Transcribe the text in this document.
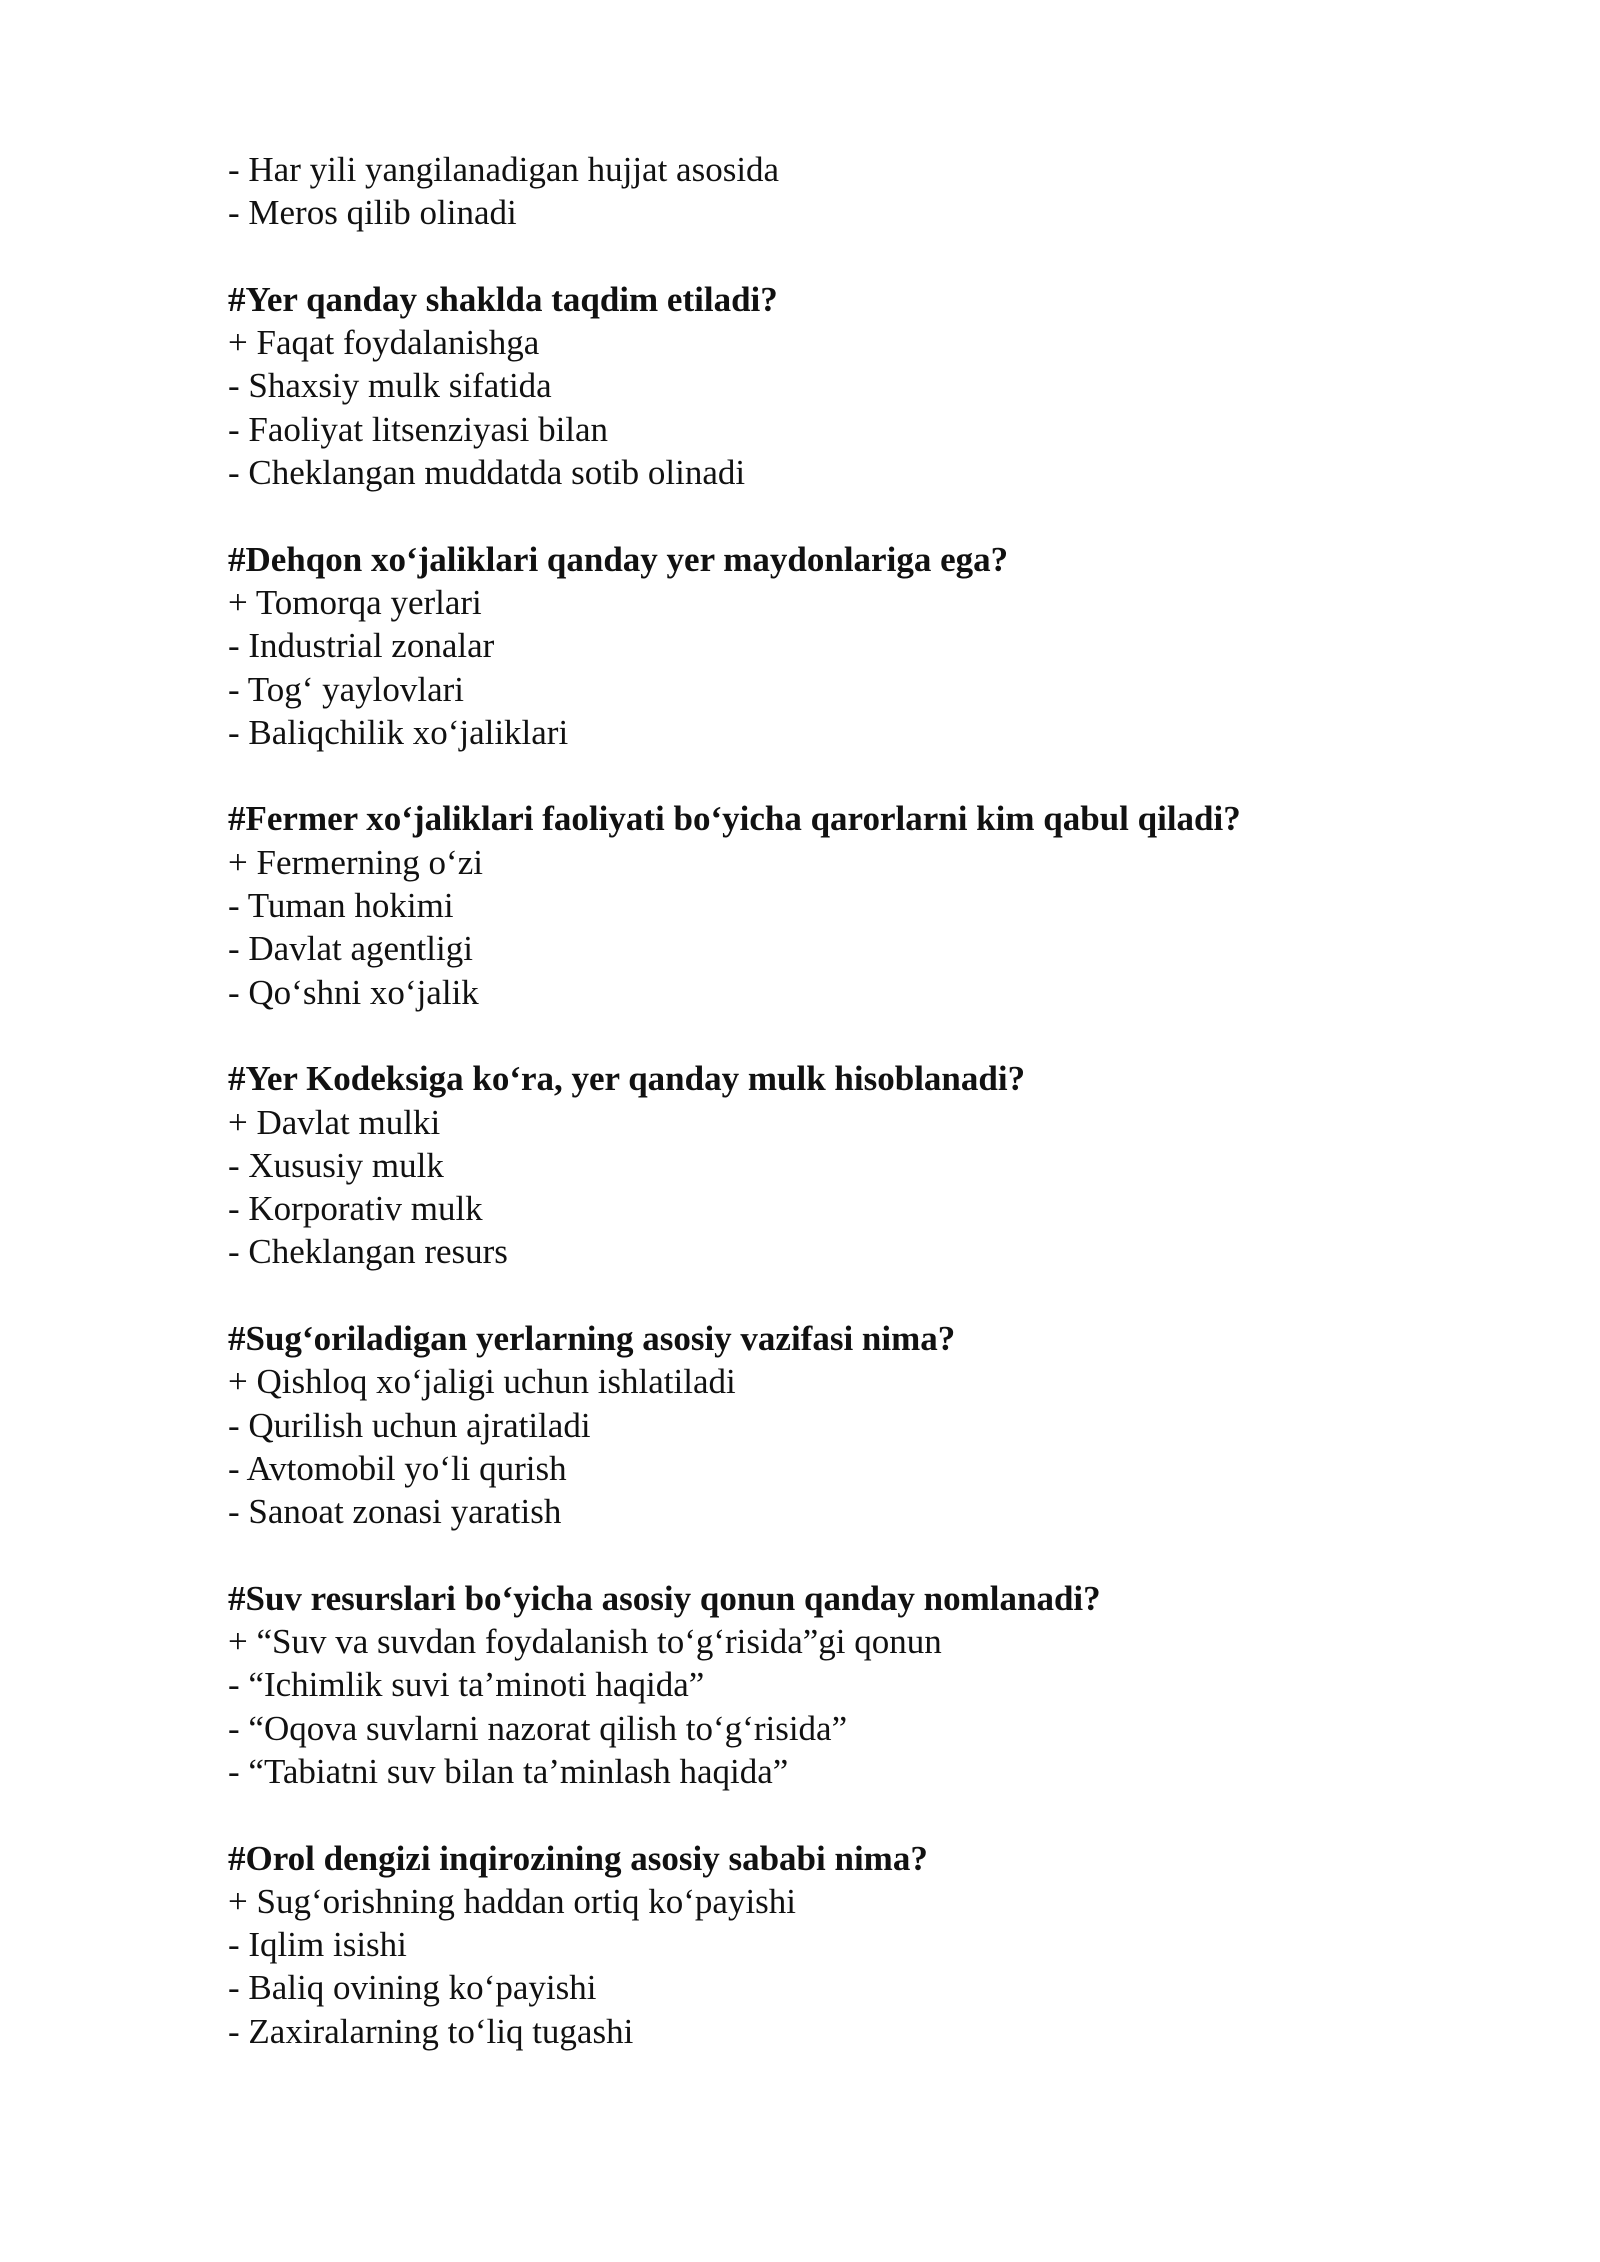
- Har yili yangilanadigan hujjat asosida
- Meros qilib olinadi
#Yer qanday shaklda taqdim etiladi?
+ Faqat foydalanishga
- Shaxsiy mulk sifatida
- Faoliyat litsenziyasi bilan
- Cheklangan muddatda sotib olinadi
#Dehqon xo‘jaliklari qanday yer maydonlariga ega?
+ Tomorqa yerlari
- Industrial zonalar
- Tog‘ yaylovlari
- Baliqchilik xo‘jaliklari
#Fermer xo‘jaliklari faoliyati bo‘yicha qarorlarni kim qabul qiladi?
+ Fermerning o‘zi
- Tuman hokimi
- Davlat agentligi
- Qo‘shni xo‘jalik
#Yer Kodeksiga ko‘ra, yer qanday mulk hisoblanadi?
+ Davlat mulki
- Xususiy mulk
- Korporativ mulk
- Cheklangan resurs
#Sug‘oriladigan yerlarning asosiy vazifasi nima?
+ Qishloq xo‘jaligi uchun ishlatiladi
- Qurilish uchun ajratiladi
- Avtomobil yo‘li qurish
- Sanoat zonasi yaratish
#Suv resurslari bo‘yicha asosiy qonun qanday nomlanadi?
+ “Suv va suvdan foydalanish to‘g‘risida”gi qonun
- “Ichimlik suvi ta’minoti haqida”
- “Oqova suvlarni nazorat qilish to‘g‘risida”
- “Tabiatni suv bilan ta’minlash haqida”
#Orol dengizi inqirozining asosiy sababi nima?
+ Sug‘orishning haddan ortiq ko‘payishi
- Iqlim isishi
- Baliq ovining ko‘payishi
- Zaxiralarning to‘liq tugashi
